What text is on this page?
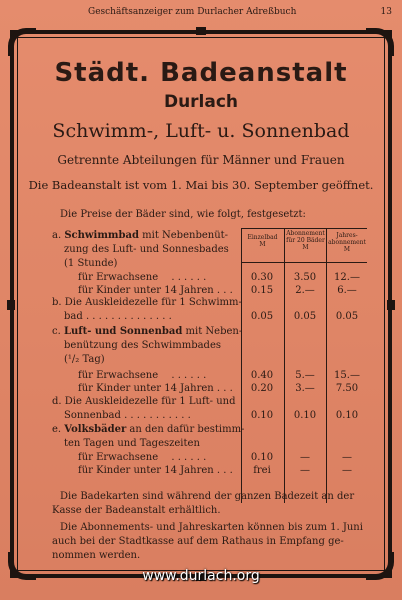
Geschäftsanzeiger zum Durlacher Adreßbuch	13
Städt. Badeanstalt
Durlach
Schwimm-, Luft- u. Sonnenbad
Getrennte Abteilungen für Männer und Frauen
Die Badeanstalt ist vom 1. Mai bis 30. September geöffnet.
Die Preise der Bäder sind, wie folgt, festgesetzt:
Einzelbad
M
Abonnement für 20 Bäder
M
Jahres-abonnement
M
a. Schwimmbad mit Nebenbenüt-
zung des Luft- und Sonnesbades
(1 Stunde)
für Erwachsene . . . . . .	0.30	3.50	12.—
für Kinder unter 14 Jahren . . .	0.15	2.—	6.—
b. Die Auskleidezelle für 1 Schwimm-
bad . . . . . . . . . . . . . .	0.05	0.05	0.05
c. Luft- und Sonnenbad mit Neben-
benützung des Schwimmbades
(¹/₂ Tag)
für Erwachsene . . . . . .	0.40	5.—	15.—
für Kinder unter 14 Jahren . . .	0.20	3.—	7.50
d. Die Auskleidezelle für 1 Luft- und
Sonnenbad . . . . . . . . . . .	0.10	0.10	0.10
e. Volksbäder an den dafür bestimm-
ten Tagen und Tageszeiten
für Erwachsene . . . . . .	0.10	—	—
für Kinder unter 14 Jahren . . .	frei	—	—
Die Badekarten sind während der ganzen Badezeit an der
Kasse der Badeanstalt erhältlich.
Die Abonnements- und Jahreskarten können bis zum 1. Juni
auch bei der Stadtkasse auf dem Rathaus in Empfang ge-
nommen werden.
www.durlach.org
